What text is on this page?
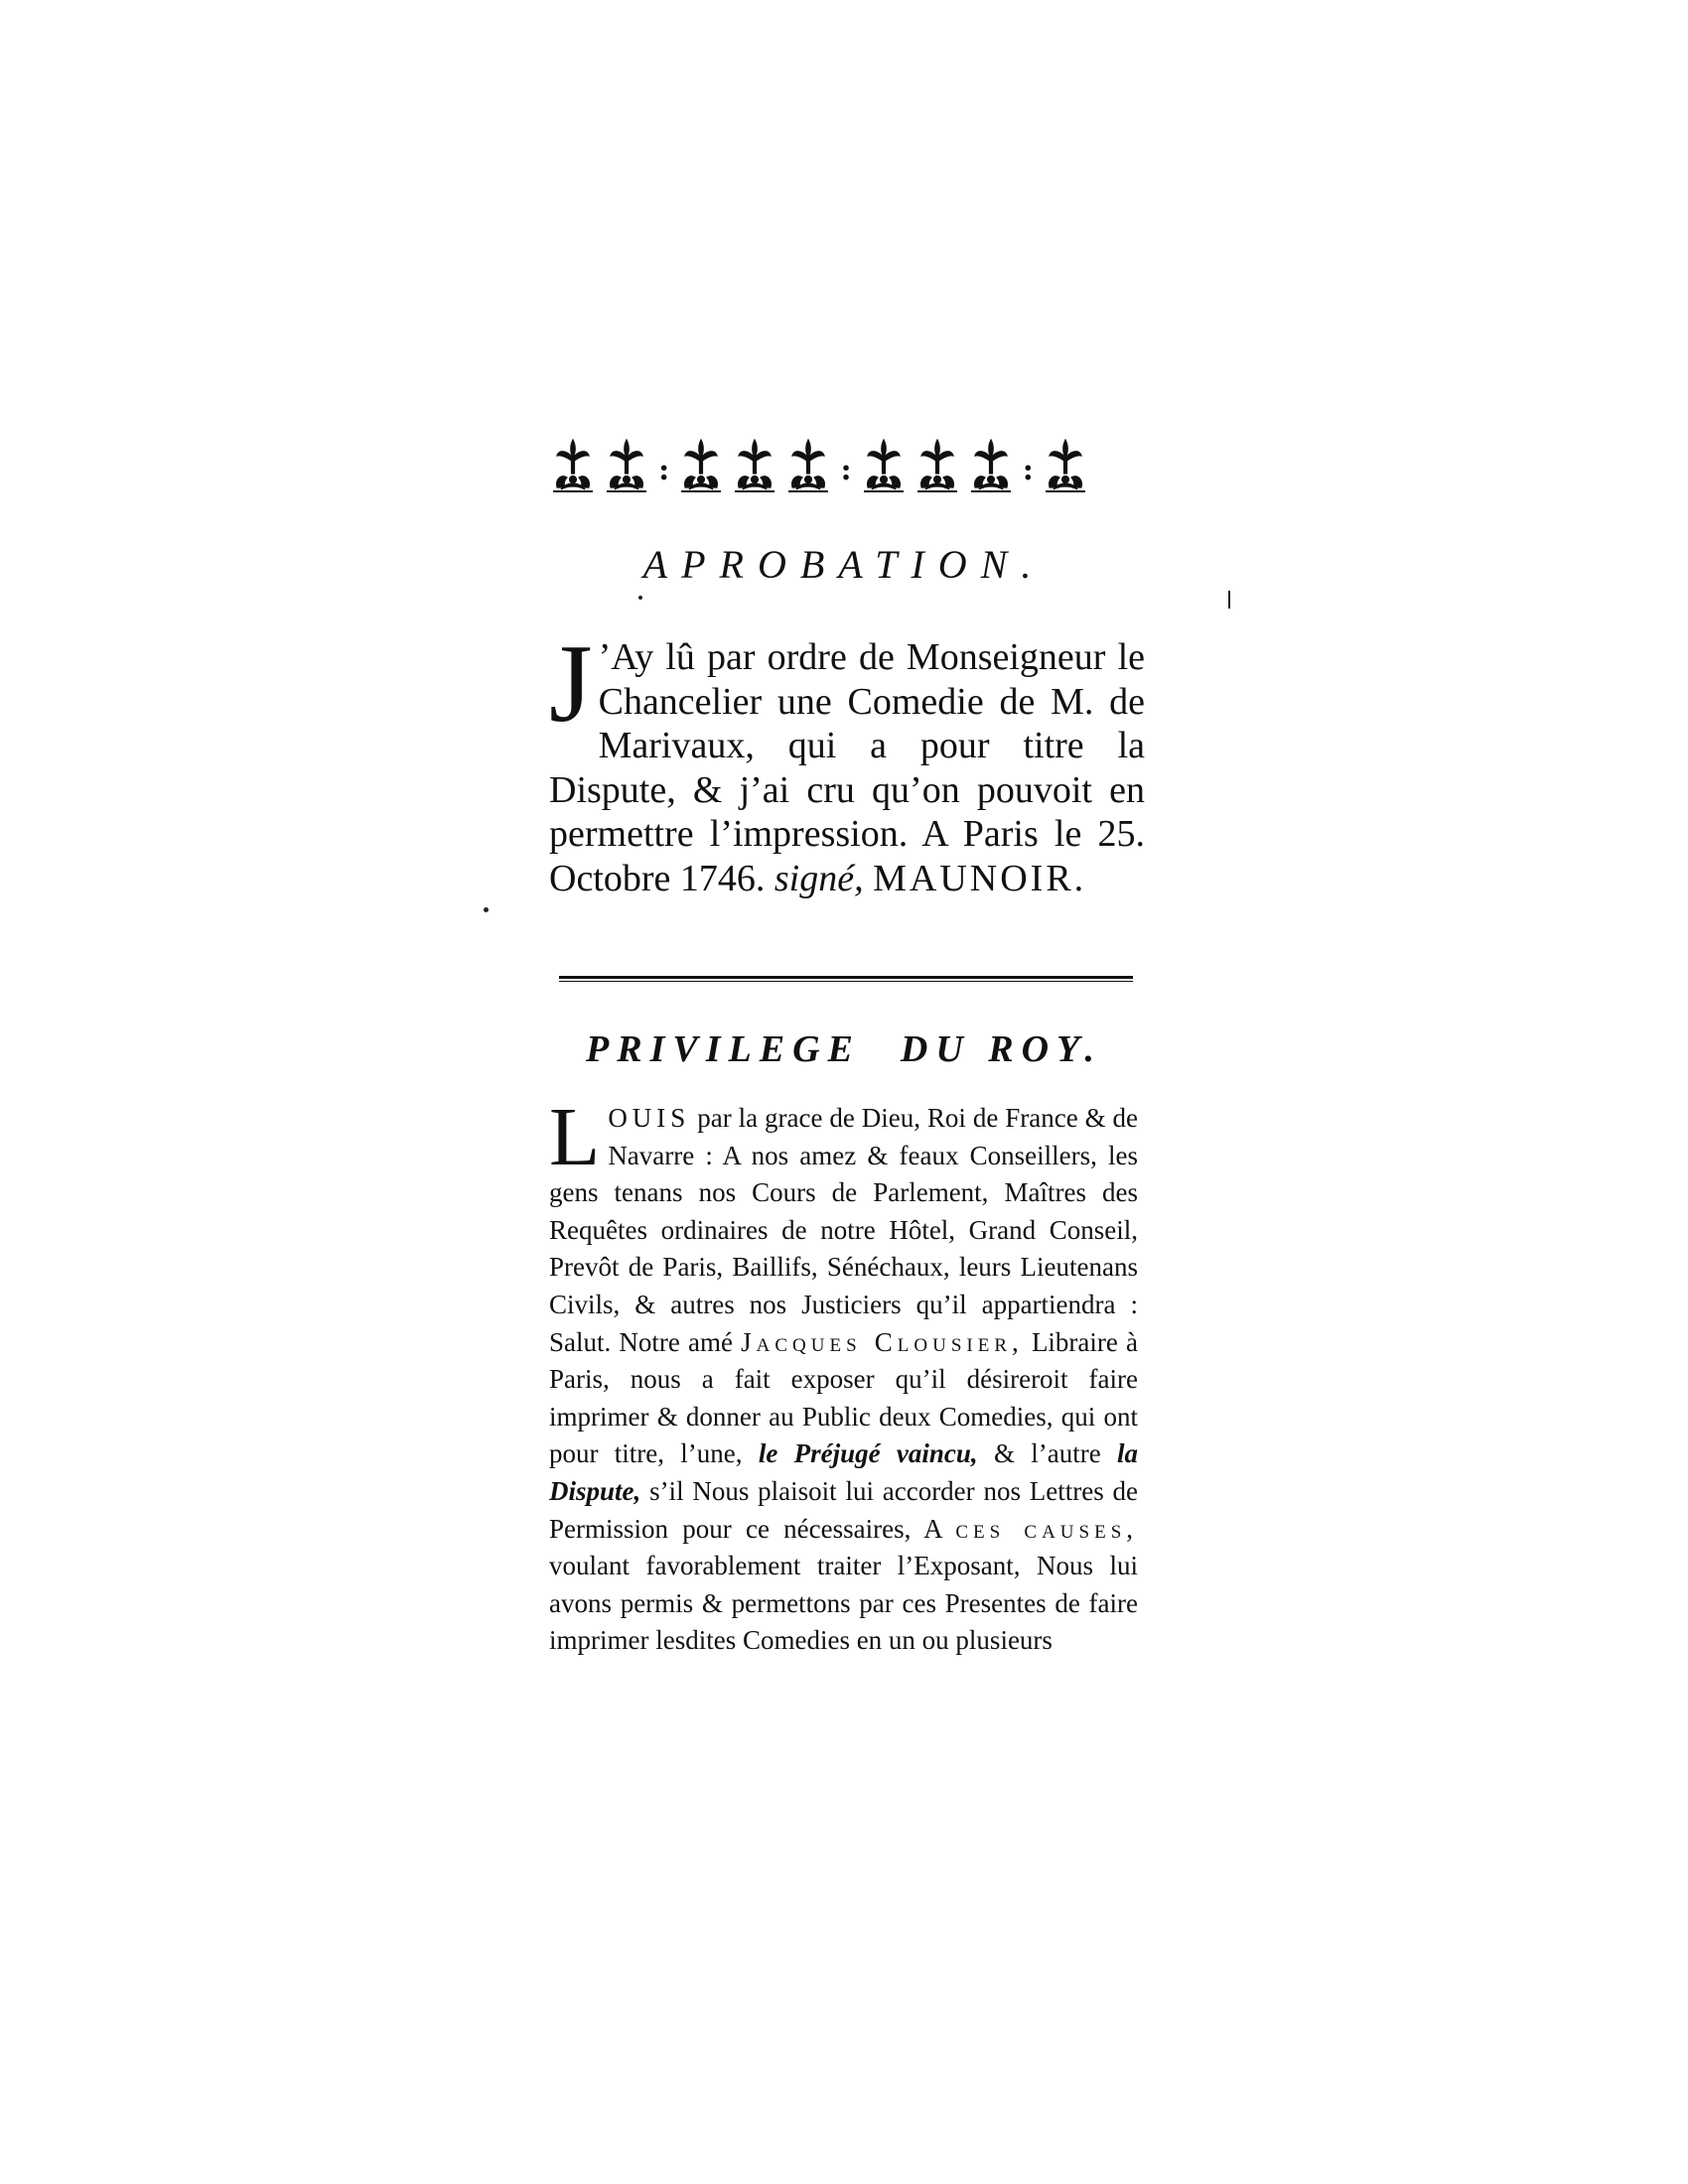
:	:	:
APROBATION.
J ’Ay lû par ordre de Monseigneur le Chancelier une Comedie de M. de Marivaux, qui a pour titre la Dispute, & j’ai cru qu’on pouvoit en permettre l’impression. A Paris le 25. Octobre 1746. signé, MAUNOIR.
PRIVILEGE DU ROY.
LOUIS par la grace de Dieu, Roi de France & de Navarre : A nos amez & feaux Conseillers, les gens tenans nos Cours de Parlement, Maîtres des Requêtes ordinaires de notre Hôtel, Grand Conseil, Prevôt de Paris, Baillifs, Sénéchaux, leurs Lieutenans Civils, & autres nos Justiciers qu’il appartiendra : Salut. Notre amé Jacques Clousier, Libraire à Paris, nous a fait exposer qu’il désireroit faire imprimer & donner au Public deux Comedies, qui ont pour titre, l’une, le Préjugé vaincu, & l’autre la Dispute, s’il Nous plaisoit lui accorder nos Lettres de Permission pour ce nécessaires, A ces causes, voulant favorablement traiter l’Exposant, Nous lui avons permis & permettons par ces Presentes de faire imprimer lesdites Comedies en un ou plusieurs
